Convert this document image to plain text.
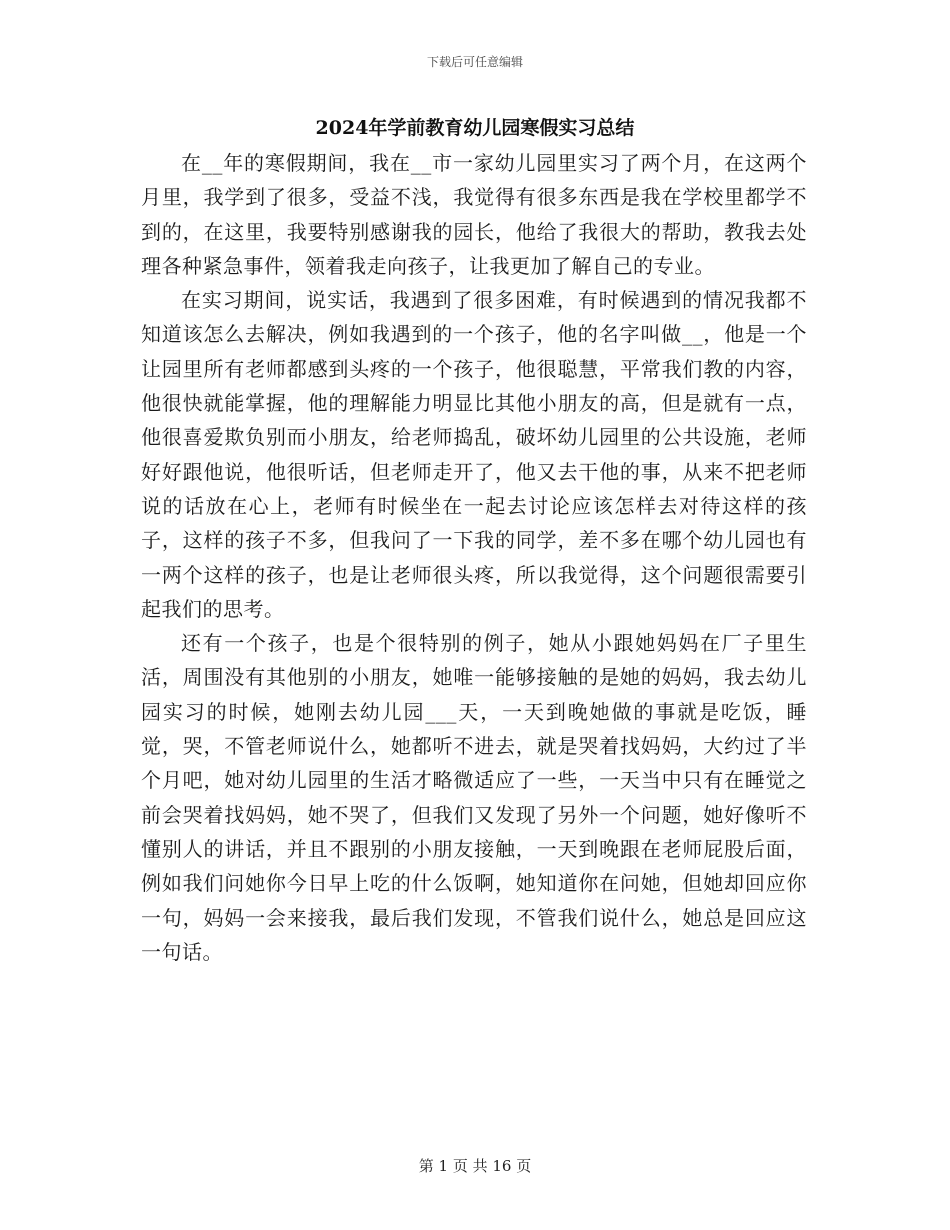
下载后可任意编辑
2024年学前教育幼儿园寒假实习总结

在__年的寒假期间，我在__市一家幼儿园里实习了两个月，在这两个月里，我学到了很多，受益不浅，我觉得有很多东西是我在学校里都学不到的，在这里，我要特别感谢我的园长，他给了我很大的帮助，教我去处理各种紧急事件，领着我走向孩子，让我更加了解自己的专业。

在实习期间，说实话，我遇到了很多困难，有时候遇到的情况我都不知道该怎么去解决，例如我遇到的一个孩子，他的名字叫做__，他是一个让园里所有老师都感到头疼的一个孩子，他很聪慧，平常我们教的内容，他很快就能掌握，他的理解能力明显比其他小朋友的高，但是就有一点，他很喜爱欺负别而小朋友，给老师捣乱，破坏幼儿园里的公共设施，老师好好跟他说，他很听话，但老师走开了，他又去干他的事，从来不把老师说的话放在心上，老师有时候坐在一起去讨论应该怎样去对待这样的孩子，这样的孩子不多，但我问了一下我的同学，差不多在哪个幼儿园也有一两个这样的孩子，也是让老师很头疼，所以我觉得，这个问题很需要引起我们的思考。

还有一个孩子，也是个很特别的例子，她从小跟她妈妈在厂子里生活，周围没有其他别的小朋友，她唯一能够接触的是她的妈妈，我去幼儿园实习的时候，她刚去幼儿园___天，一天到晚她做的事就是吃饭，睡觉，哭，不管老师说什么，她都听不进去，就是哭着找妈妈，大约过了半个月吧，她对幼儿园里的生活才略微适应了一些，一天当中只有在睡觉之前会哭着找妈妈，她不哭了，但我们又发现了另外一个问题，她好像听不懂别人的讲话，并且不跟别的小朋友接触，一天到晚跟在老师屁股后面，例如我们问她你今日早上吃的什么饭啊，她知道你在问她，但她却回应你一句，妈妈一会来接我，最后我们发现，不管我们说什么，她总是回应这一句话。

第 1 页 共 16 页
